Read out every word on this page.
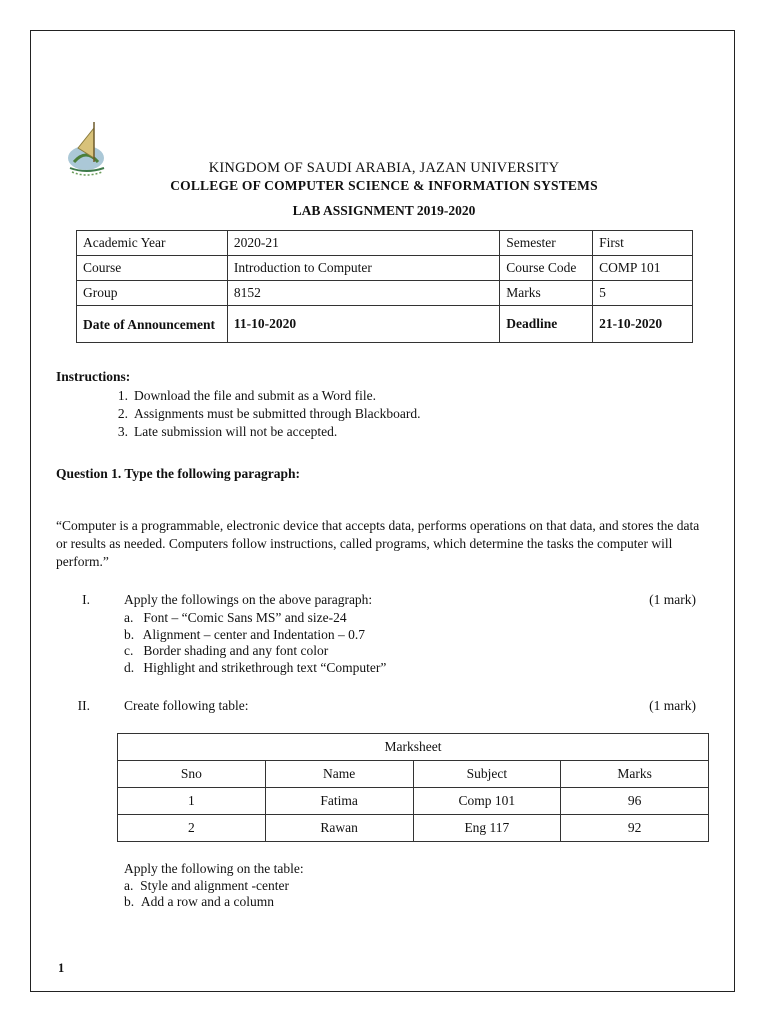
KINGDOM OF SAUDI ARABIA, JAZAN UNIVERSITY
COLLEGE OF COMPUTER SCIENCE & INFORMATION SYSTEMS
LAB ASSIGNMENT 2019-2020
Academic Year	2020-21	Semester	First
Course	Introduction to Computer	Course Code	COMP 101
Group	8152	Marks	5
Date of Announcement	11-10-2020	Deadline	21-10-2020
Instructions:
1. Download the file and submit as a Word file.
2. Assignments must be submitted through Blackboard.
3. Late submission will not be accepted.
Question 1. Type the following paragraph:
“Computer is a programmable, electronic device that accepts data, performs operations on that data, and stores the data or results as needed. Computers follow instructions, called programs, which determine the tasks the computer will perform.”
I.	Apply the followings on the above paragraph:	(1 mark)
a. Font – “Comic Sans MS” and size-24
b. Alignment – center and Indentation – 0.7
c. Border shading and any font color
d. Highlight and strikethrough text “Computer”
II.	Create following table:	(1 mark)
Marksheet			
Sno	Name	Subject	Marks
1	Fatima	Comp 101	96
2	Rawan	Eng 117	92
Apply the following on the table:
a. Style and alignment -center
b. Add a row and a column
1
